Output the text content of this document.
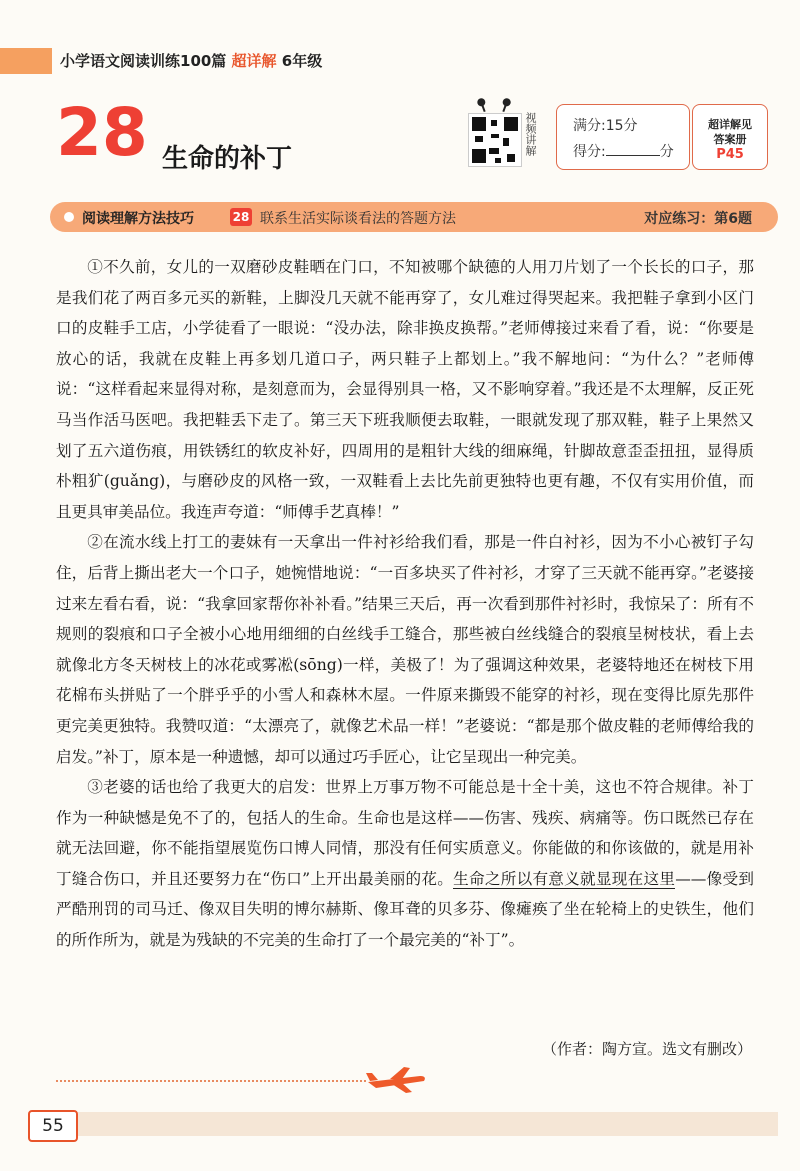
小学语文阅读训练100篇 超详解 6年级
28 生命的补丁
视频讲解	满分:15分
得分:	分
超详解见
答案册
P45
阅读理解方法技巧	28 联系生活实际谈看法的答题方法	对应练习：第6题

①不久前，女儿的一双磨砂皮鞋晒在门口，不知被哪个缺德的人用刀片划了一个长长的口子，那是我们花了两百多元买的新鞋，上脚没几天就不能再穿了，女儿难过得哭起来。我把鞋子拿到小区门口的皮鞋手工店，小学徒看了一眼说：“没办法，除非换皮换帮。”老师傅接过来看了看，说：“你要是放心的话，我就在皮鞋上再多划几道口子，两只鞋子上都划上。”我不解地问：“为什么？”老师傅说：“这样看起来显得对称，是刻意而为，会显得别具一格，又不影响穿着。”我还是不太理解，反正死马当作活马医吧。我把鞋丢下走了。第三天下班我顺便去取鞋，一眼就发现了那双鞋，鞋子上果然又划了五六道伤痕，用铁锈红的软皮补好，四周用的是粗针大线的细麻绳，针脚故意歪歪扭扭，显得质朴粗犷(guǎng)，与磨砂皮的风格一致，一双鞋看上去比先前更独特也更有趣，不仅有实用价值，而且更具审美品位。我连声夸道：“师傅手艺真棒！”

②在流水线上打工的妻妹有一天拿出一件衬衫给我们看，那是一件白衬衫，因为不小心被钉子勾住，后背上撕出老大一个口子，她惋惜地说：“一百多块买了件衬衫，才穿了三天就不能再穿。”老婆接过来左看右看，说：“我拿回家帮你补补看。”结果三天后，再一次看到那件衬衫时，我惊呆了：所有不规则的裂痕和口子全被小心地用细细的白丝线手工缝合，那些被白丝线缝合的裂痕呈树枝状，看上去就像北方冬天树枝上的冰花或雾凇(sōng)一样，美极了！为了强调这种效果，老婆特地还在树枝下用花棉布头拼贴了一个胖乎乎的小雪人和森林木屋。一件原来撕毁不能穿的衬衫，现在变得比原先那件更完美更独特。我赞叹道：“太漂亮了，就像艺术品一样！”老婆说：“都是那个做皮鞋的老师傅给我的启发。”补丁，原本是一种遗憾，却可以通过巧手匠心，让它呈现出一种完美。

③老婆的话也给了我更大的启发：世界上万事万物不可能总是十全十美，这也不符合规律。补丁作为一种缺憾是免不了的，包括人的生命。生命也是这样——伤害、残疾、病痛等。伤口既然已存在就无法回避，你不能指望展览伤口博人同情，那没有任何实质意义。你能做的和你该做的，就是用补丁缝合伤口，并且还要努力在“伤口”上开出最美丽的花。生命之所以有意义就显现在这里——像受到严酷刑罚的司马迁、像双目失明的博尔赫斯、像耳聋的贝多芬、像瘫痪了坐在轮椅上的史铁生，他们的所作所为，就是为残缺的不完美的生命打了一个最完美的“补丁”。

（作者：陶方宣。选文有删改）
55
